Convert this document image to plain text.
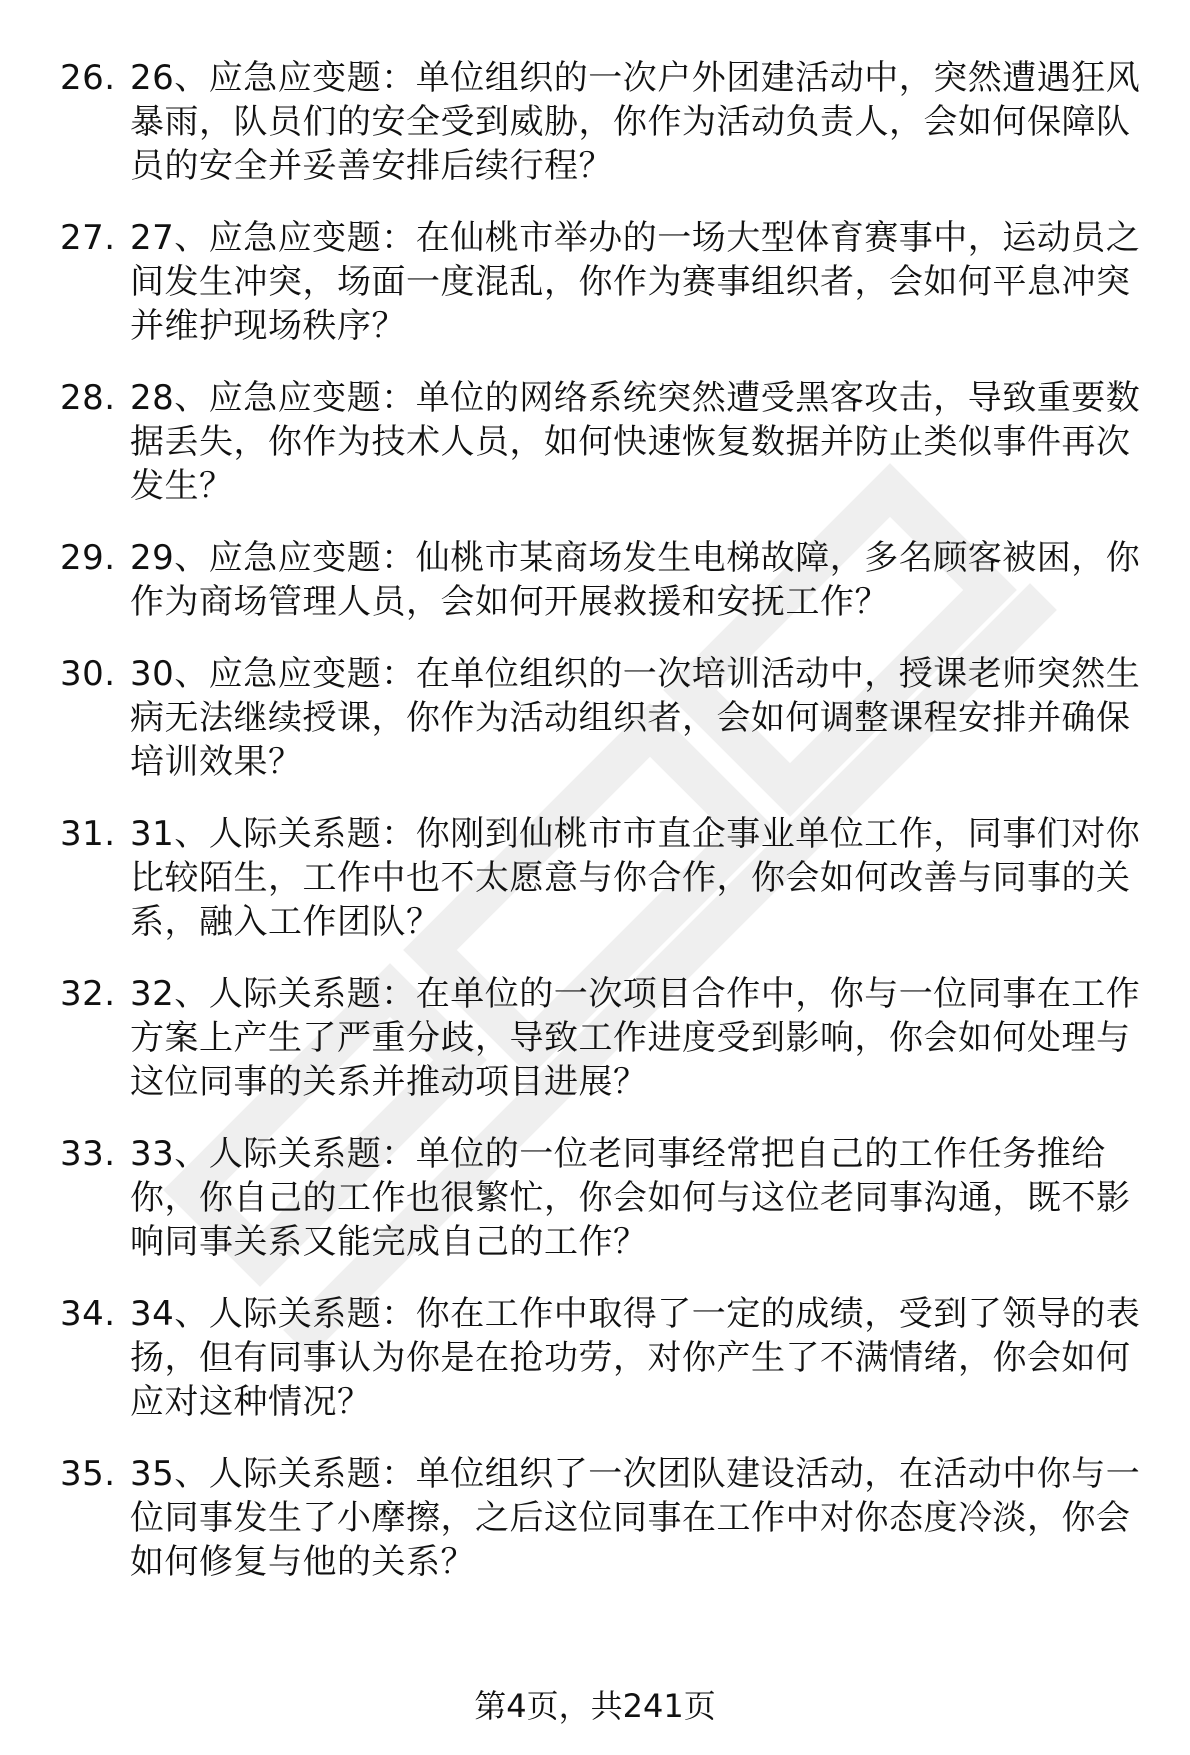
26. 26、应急应变题：单位组织的一次户外团建活动中，突然遭遇狂风暴雨，队员们的安全受到威胁，你作为活动负责人，会如何保障队员的安全并妥善安排后续行程？
27. 27、应急应变题：在仙桃市举办的一场大型体育赛事中，运动员之间发生冲突，场面一度混乱，你作为赛事组织者，会如何平息冲突并维护现场秩序？
28. 28、应急应变题：单位的网络系统突然遭受黑客攻击，导致重要数据丢失，你作为技术人员，如何快速恢复数据并防止类似事件再次发生？
29. 29、应急应变题：仙桃市某商场发生电梯故障，多名顾客被困，你作为商场管理人员，会如何开展救援和安抚工作？
30. 30、应急应变题：在单位组织的一次培训活动中，授课老师突然生病无法继续授课，你作为活动组织者，会如何调整课程安排并确保培训效果？
31. 31、人际关系题：你刚到仙桃市市直企事业单位工作，同事们对你比较陌生，工作中也不太愿意与你合作，你会如何改善与同事的关系，融入工作团队？
32. 32、人际关系题：在单位的一次项目合作中，你与一位同事在工作方案上产生了严重分歧，导致工作进度受到影响，你会如何处理与这位同事的关系并推动项目进展？
33. 33、人际关系题：单位的一位老同事经常把自己的工作任务推给你，你自己的工作也很繁忙，你会如何与这位老同事沟通，既不影响同事关系又能完成自己的工作？
34. 34、人际关系题：你在工作中取得了一定的成绩，受到了领导的表扬，但有同事认为你是在抢功劳，对你产生了不满情绪，你会如何应对这种情况？
35. 35、人际关系题：单位组织了一次团队建设活动，在活动中你与一位同事发生了小摩擦，之后这位同事在工作中对你态度冷淡，你会如何修复与他的关系？
第4页，共241页
